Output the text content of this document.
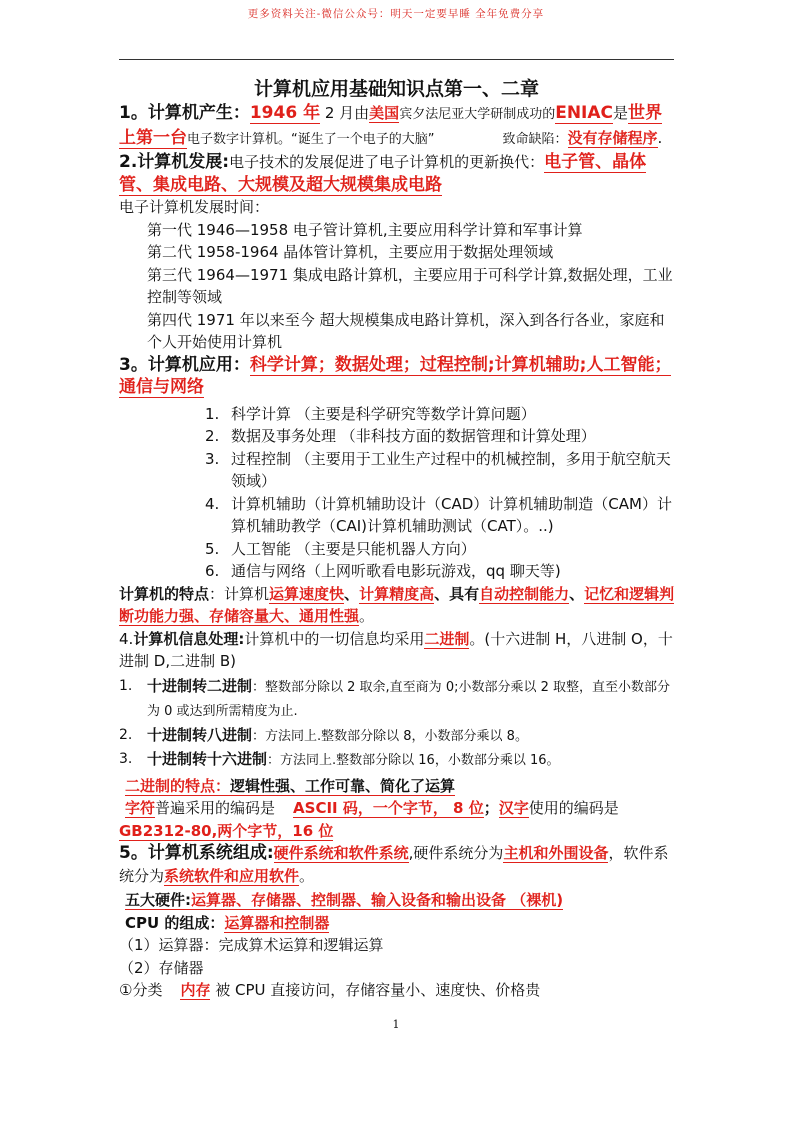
更多资料关注-微信公众号：明天一定要早睡 全年免费分享
计算机应用基础知识点第一、二章

1。计算机产生：1946 年 2 月由美国宾夕法尼亚大学研制成功的ENIAC是世界上第一台电子数字计算机。“诞生了一个电子的大脑”	致命缺陷：没有存储程序.

2.计算机发展:电子技术的发展促进了电子计算机的更新换代：电子管、晶体管、集成电路、大规模及超大规模集成电路

电子计算机发展时间：

第一代 1946—1958 电子管计算机,主要应用科学计算和军事计算

第二代 1958-1964 晶体管计算机，主要应用于数据处理领域

第三代 1964—1971 集成电路计算机，主要应用于可科学计算,数据处理，工业控制等领域

第四代 1971 年以来至今 超大规模集成电路计算机，深入到各行各业，家庭和个人开始使用计算机

3。计算机应用：科学计算；数据处理；过程控制;计算机辅助;人工智能；通信与网络

1. 科学计算 （主要是科学研究等数学计算问题）
2. 数据及事务处理 （非科技方面的数据管理和计算处理）
3. 过程控制 （主要用于工业生产过程中的机械控制，多用于航空航天领域）
4. 计算机辅助（计算机辅助设计（CAD）计算机辅助制造（CAM）计算机辅助教学（CAI)计算机辅助测试（CAT）。..)
5. 人工智能 （主要是只能机器人方向）
6. 通信与网络（上网听歌看电影玩游戏，qq 聊天等)

计算机的特点：计算机运算速度快、计算精度高、具有自动控制能力、记忆和逻辑判断功能力强、存储容量大、通用性强。

4.计算机信息处理:计算机中的一切信息均采用二进制。(十六进制 H，八进制 O，十进制 D,二进制 B)

1. 十进制转二进制：整数部分除以 2 取余,直至商为 0;小数部分乘以 2 取整，直至小数部分为 0 或达到所需精度为止.
2. 十进制转八进制：方法同上.整数部分除以 8，小数部分乘以 8。
3. 十进制转十六进制：方法同上.整数部分除以 16，小数部分乘以 16。

二进制的特点：逻辑性强、工作可靠、简化了运算

字符普遍采用的编码是 ASCII 码，一个字节， 8 位；汉字使用的编码是 GB2312-80,两个字节，16 位

5。计算机系统组成:硬件系统和软件系统,硬件系统分为主机和外围设备，软件系统分为系统软件和应用软件。

五大硬件:运算器、存储器、控制器、输入设备和输出设备 （裸机)

CPU 的组成：运算器和控制器

（1）运算器：完成算术运算和逻辑运算

（2）存储器

①分类 内存 被 CPU 直接访问，存储容量小、速度快、价格贵

1
